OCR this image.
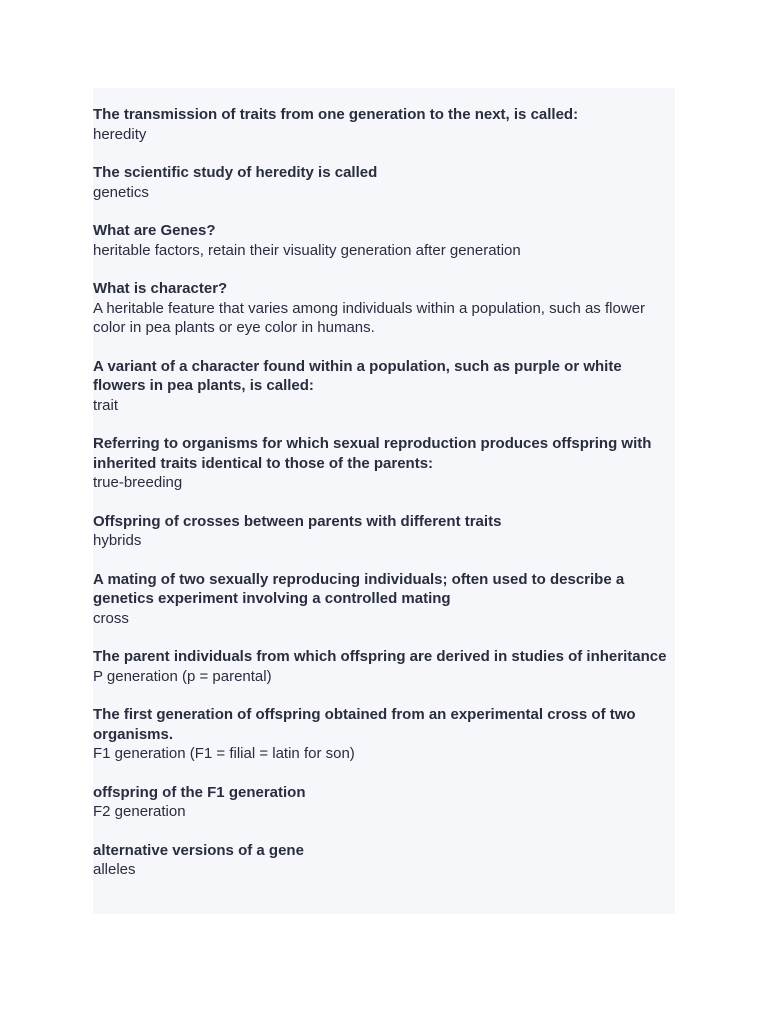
The transmission of traits from one generation to the next, is called:
heredity
The scientific study of heredity is called
genetics
What are Genes?
heritable factors, retain their visuality generation after generation
What is character?
A heritable feature that varies among individuals within a population, such as flower color in pea plants or eye color in humans.
A variant of a character found within a population, such as purple or white flowers in pea plants, is called:
trait
Referring to organisms for which sexual reproduction produces offspring with inherited traits identical to those of the parents:
true-breeding
Offspring of crosses between parents with different traits
hybrids
A mating of two sexually reproducing individuals; often used to describe a genetics experiment involving a controlled mating
cross
The parent individuals from which offspring are derived in studies of inheritance
P generation (p = parental)
The first generation of offspring obtained from an experimental cross of two organisms.
F1 generation (F1 = filial = latin for son)
offspring of the F1 generation
F2 generation
alternative versions of a gene
alleles
